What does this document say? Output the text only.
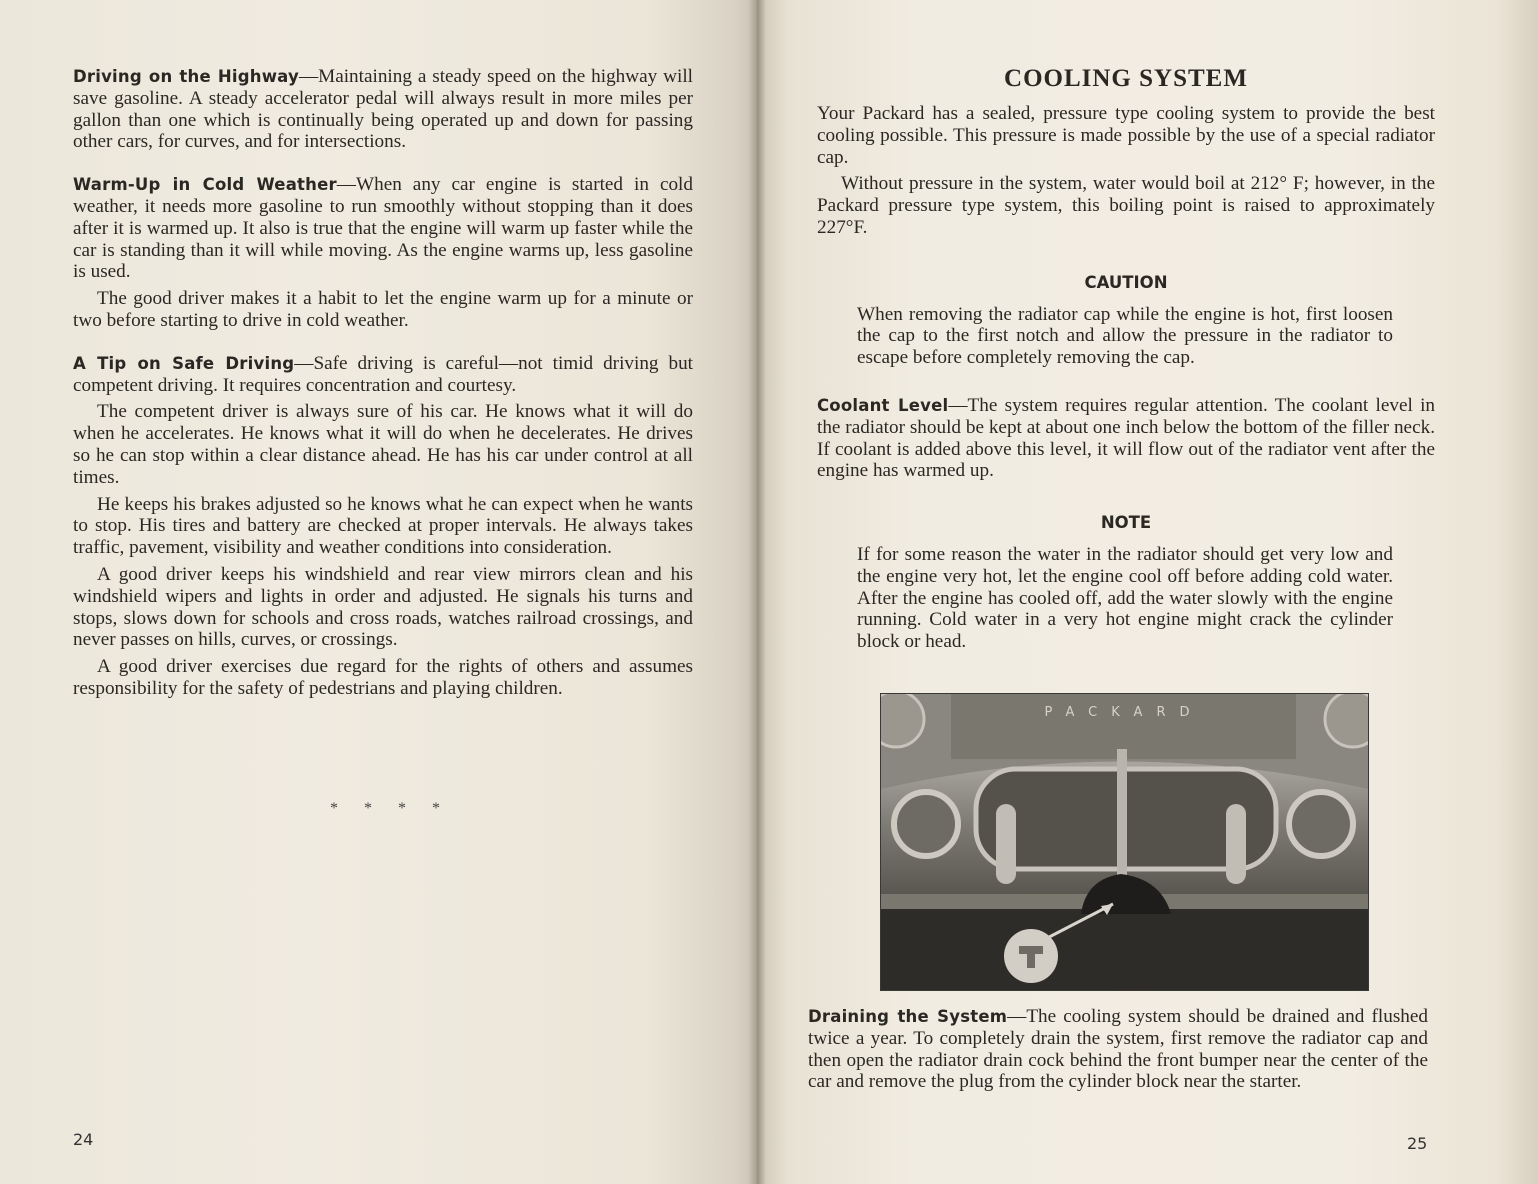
Driving on the Highway—Maintaining a steady speed on the highway will save gasoline. A steady accelerator pedal will always result in more miles per gallon than one which is continually being operated up and down for passing other cars, for curves, and for intersections.

Warm-Up in Cold Weather—When any car engine is started in cold weather, it needs more gasoline to run smoothly without stopping than it does after it is warmed up. It also is true that the engine will warm up faster while the car is standing than it will while moving. As the engine warms up, less gasoline is used.

The good driver makes it a habit to let the engine warm up for a minute or two before starting to drive in cold weather.

A Tip on Safe Driving—Safe driving is careful—not timid driving but competent driving. It requires concentration and courtesy.

The competent driver is always sure of his car. He knows what it will do when he accelerates. He knows what it will do when he decelerates. He drives so he can stop within a clear distance ahead. He has his car under control at all times.

He keeps his brakes adjusted so he knows what he can expect when he wants to stop. His tires and battery are checked at proper intervals. He always takes traffic, pavement, visibility and weather conditions into consideration.

A good driver keeps his windshield and rear view mirrors clean and his windshield wipers and lights in order and adjusted. He signals his turns and stops, slows down for schools and cross roads, watches railroad crossings, and never passes on hills, curves, or crossings.

A good driver exercises due regard for the rights of others and assumes responsibility for the safety of pedestrians and playing children.

* * * *
24
COOLING SYSTEM

Your Packard has a sealed, pressure type cooling system to provide the best cooling possible. This pressure is made possible by the use of a special radiator cap.

Without pressure in the system, water would boil at 212° F; however, in the Packard pressure type system, this boiling point is raised to approximately 227°F.

CAUTION

When removing the radiator cap while the engine is hot, first loosen the cap to the first notch and allow the pressure in the radiator to escape before completely removing the cap.

Coolant Level—The system requires regular attention. The coolant level in the radiator should be kept at about one inch below the bottom of the filler neck. If coolant is added above this level, it will flow out of the radiator vent after the engine has warmed up.

NOTE

If for some reason the water in the radiator should get very low and the engine very hot, let the engine cool off before adding cold water. After the engine has cooled off, add the water slowly with the engine running. Cold water in a very hot engine might crack the cylinder block or head.

PACKARD

Draining the System—The cooling system should be drained and flushed twice a year. To completely drain the system, first remove the radiator cap and then open the radiator drain cock behind the front bumper near the center of the car and remove the plug from the cylinder block near the starter.

25
